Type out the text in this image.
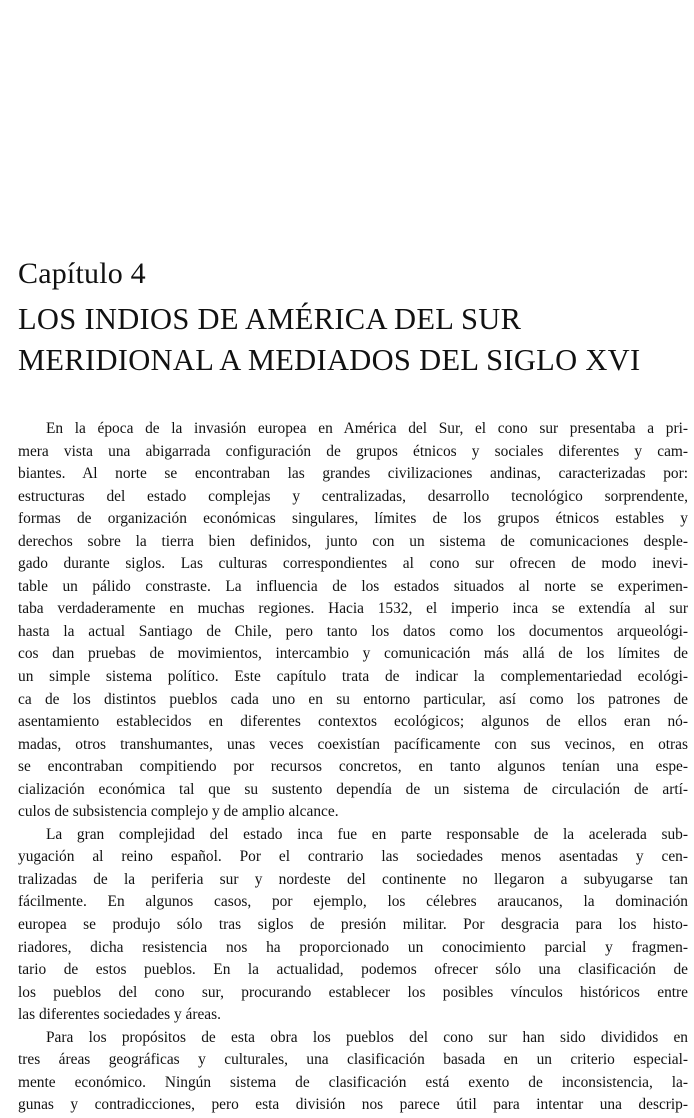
Capítulo 4
LOS INDIOS DE AMÉRICA DEL SUR
MERIDIONAL A MEDIADOS DEL SIGLO XVI
En la época de la invasión europea en América del Sur, el cono sur presentaba a pri-
mera vista una abigarrada configuración de grupos étnicos y sociales diferentes y cam-
biantes. Al norte se encontraban las grandes civilizaciones andinas, caracterizadas por:
estructuras del estado complejas y centralizadas, desarrollo tecnológico sorprendente,
formas de organización económicas singulares, límites de los grupos étnicos estables y
derechos sobre la tierra bien definidos, junto con un sistema de comunicaciones desple-
gado durante siglos. Las culturas correspondientes al cono sur ofrecen de modo inevi-
table un pálido constraste. La influencia de los estados situados al norte se experimen-
taba verdaderamente en muchas regiones. Hacia 1532, el imperio inca se extendía al sur
hasta la actual Santiago de Chile, pero tanto los datos como los documentos arqueológi-
cos dan pruebas de movimientos, intercambio y comunicación más allá de los límites de
un simple sistema político. Este capítulo trata de indicar la complementariedad ecológi-
ca de los distintos pueblos cada uno en su entorno particular, así como los patrones de
asentamiento establecidos en diferentes contextos ecológicos; algunos de ellos eran nó-
madas, otros transhumantes, unas veces coexistían pacíficamente con sus vecinos, en otras
se encontraban compitiendo por recursos concretos, en tanto algunos tenían una espe-
cialización económica tal que su sustento dependía de un sistema de circulación de artí-
culos de subsistencia complejo y de amplio alcance.
La gran complejidad del estado inca fue en parte responsable de la acelerada sub-
yugación al reino español. Por el contrario las sociedades menos asentadas y cen-
tralizadas de la periferia sur y nordeste del continente no llegaron a subyugarse tan
fácilmente. En algunos casos, por ejemplo, los célebres araucanos, la dominación
europea se produjo sólo tras siglos de presión militar. Por desgracia para los histo-
riadores, dicha resistencia nos ha proporcionado un conocimiento parcial y fragmen-
tario de estos pueblos. En la actualidad, podemos ofrecer sólo una clasificación de
los pueblos del cono sur, procurando establecer los posibles vínculos históricos entre
las diferentes sociedades y áreas.
Para los propósitos de esta obra los pueblos del cono sur han sido divididos en
tres áreas geográficas y culturales, una clasificación basada en un criterio especial-
mente económico. Ningún sistema de clasificación está exento de inconsistencia, la-
gunas y contradicciones, pero esta división nos parece útil para intentar una descrip-
